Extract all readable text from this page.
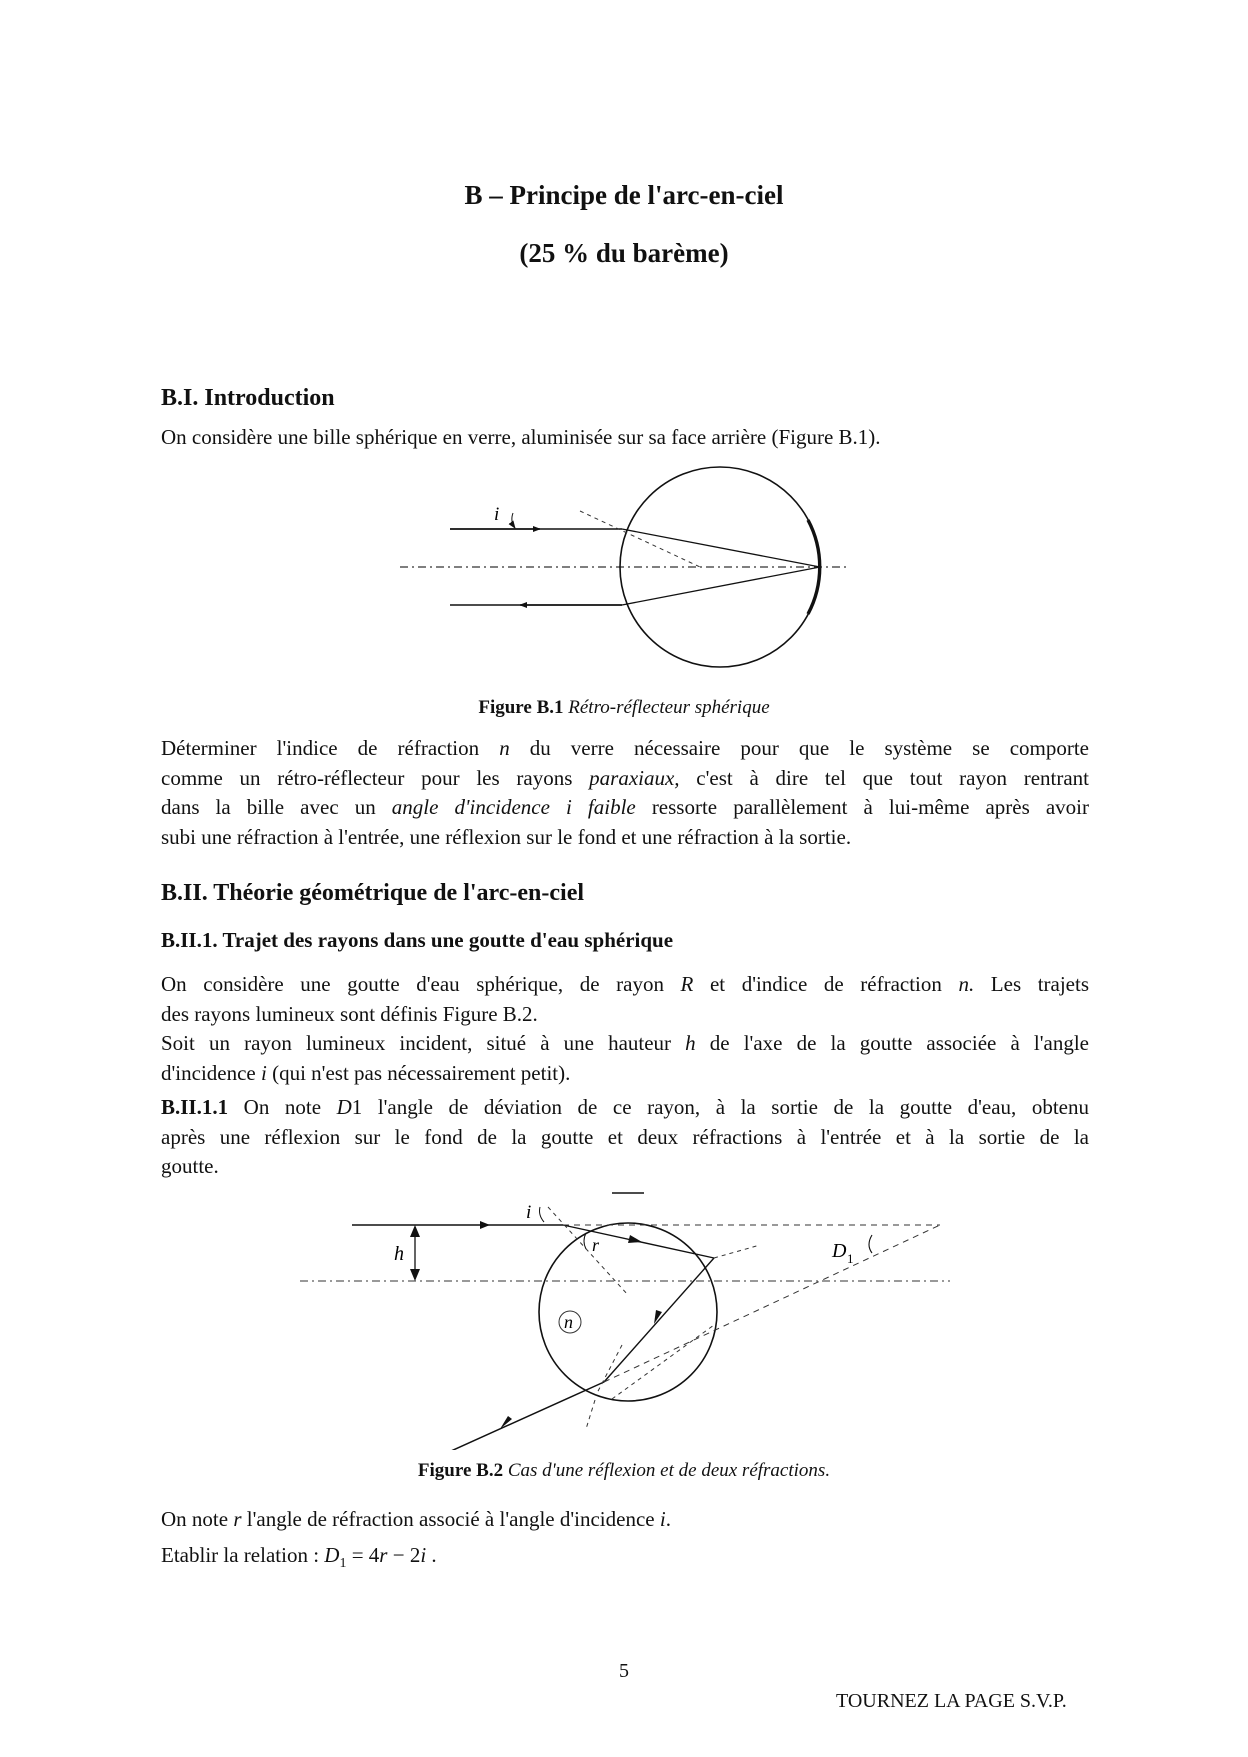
B – Principe de l'arc-en-ciel
(25 % du barème)
B.I. Introduction
On considère une bille sphérique en verre, aluminisée sur sa face arrière (Figure B.1).
i
Figure B.1 Rétro-réflecteur sphérique
Déterminer l'indice de réfraction n du verre nécessaire pour que le système se comporte
comme un rétro-réflecteur pour les rayons paraxiaux, c'est à dire tel que tout rayon rentrant
dans la bille avec un angle d'incidence i faible ressorte parallèlement à lui-même après avoir
subi une réfraction à l'entrée, une réflexion sur le fond et une réfraction à la sortie.
B.II. Théorie géométrique de l'arc-en-ciel
B.II.1. Trajet des rayons dans une goutte d'eau sphérique
On considère une goutte d'eau sphérique, de rayon R et d'indice de réfraction n. Les trajets
des rayons lumineux sont définis Figure B.2.
Soit un rayon lumineux incident, situé à une hauteur h de l'axe de la goutte associée à l'angle
d'incidence i (qui n'est pas nécessairement petit).
B.II.1.1 On note D1 l'angle de déviation de ce rayon, à la sortie de la goutte d'eau, obtenu
après une réflexion sur le fond de la goutte et deux réfractions à l'entrée et à la sortie de la
goutte.
h
i
r
n
D 1
Figure B.2 Cas d'une réflexion et de deux réfractions.
On note r l'angle de réfraction associé à l'angle d'incidence i.
Etablir la relation : $D_1 = 4r - 2i$ .
5
TOURNEZ LA PAGE S.V.P.
